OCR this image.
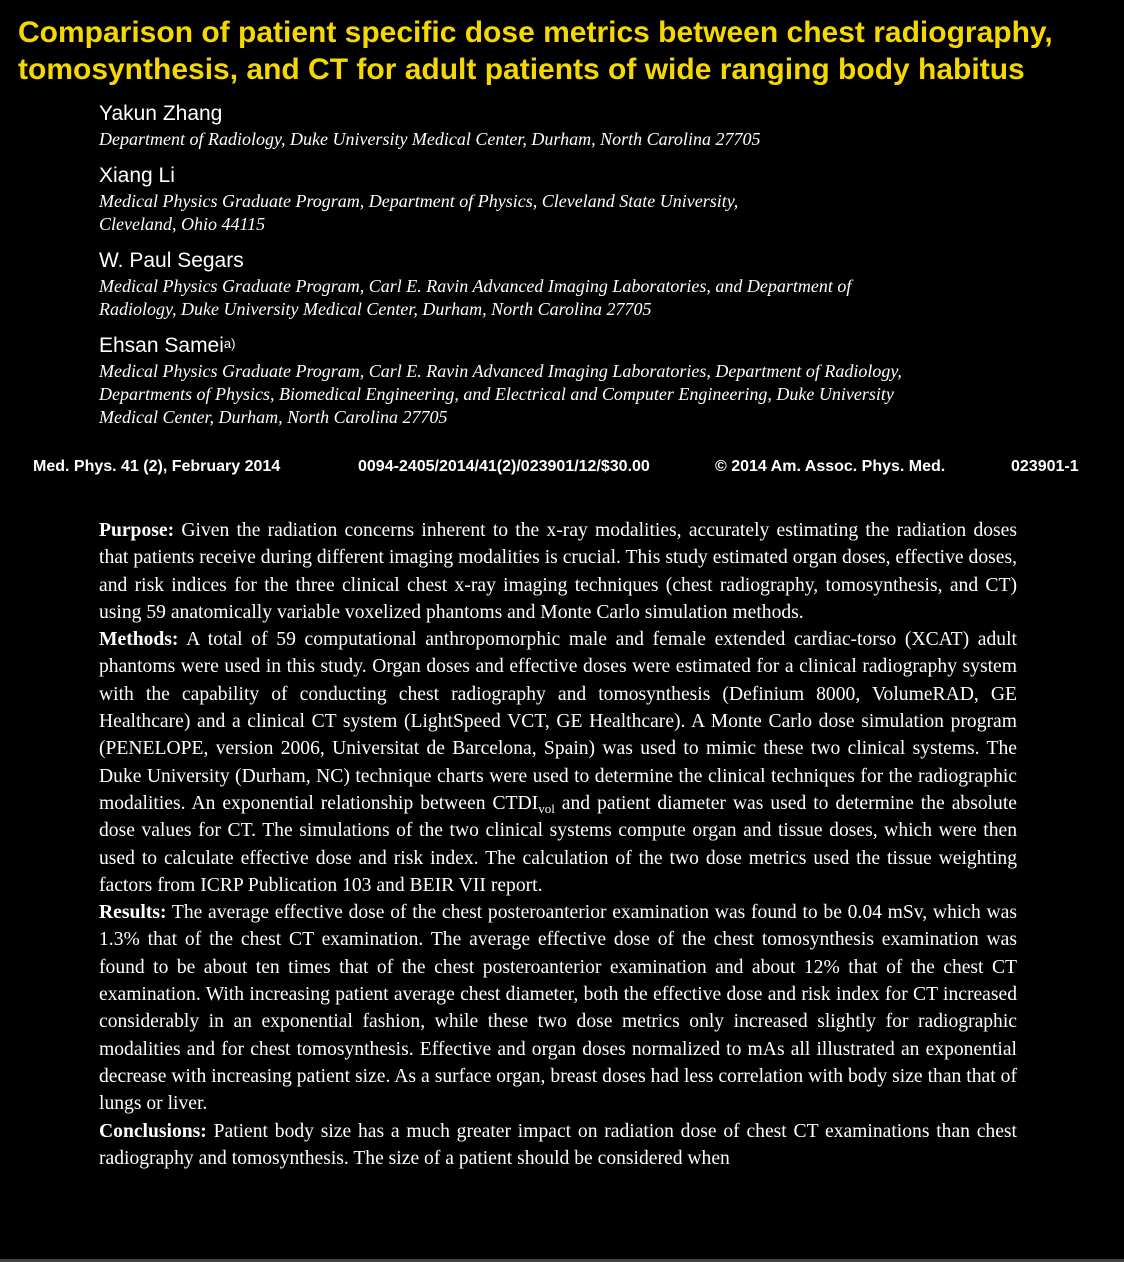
Comparison of patient specific dose metrics between chest radiography, tomosynthesis, and CT for adult patients of wide ranging body habitus
Yakun Zhang
Department of Radiology, Duke University Medical Center, Durham, North Carolina 27705
Xiang Li
Medical Physics Graduate Program, Department of Physics, Cleveland State University,
Cleveland, Ohio 44115
W. Paul Segars
Medical Physics Graduate Program, Carl E. Ravin Advanced Imaging Laboratories, and Department of
Radiology, Duke University Medical Center, Durham, North Carolina 27705
Ehsan Samei$^{a)}$
Medical Physics Graduate Program, Carl E. Ravin Advanced Imaging Laboratories, Department of Radiology,
Departments of Physics, Biomedical Engineering, and Electrical and Computer Engineering, Duke University
Medical Center, Durham, North Carolina 27705
Med. Phys. 41 (2), February 2014	0094-2405/2014/41(2)/023901/12/$30.00	© 2014 Am. Assoc. Phys. Med.	023901-1

Purpose: Given the radiation concerns inherent to the x-ray modalities, accurately estimating the radiation doses that patients receive during different imaging modalities is crucial. This study estimated organ doses, effective doses, and risk indices for the three clinical chest x-ray imaging techniques (chest radiography, tomosynthesis, and CT) using 59 anatomically variable voxelized phantoms and Monte Carlo simulation methods.

Methods: A total of 59 computational anthropomorphic male and female extended cardiac-torso (XCAT) adult phantoms were used in this study. Organ doses and effective doses were estimated for a clinical radiography system with the capability of conducting chest radiography and tomosynthesis (Definium 8000, VolumeRAD, GE Healthcare) and a clinical CT system (LightSpeed VCT, GE Healthcare). A Monte Carlo dose simulation program (PENELOPE, version 2006, Universitat de Barcelona, Spain) was used to mimic these two clinical systems. The Duke University (Durham, NC) technique charts were used to determine the clinical techniques for the radiographic modalities. An exponential relationship between $CTDI_{vol}$ and patient diameter was used to determine the absolute dose values for CT. The simulations of the two clinical systems compute organ and tissue doses, which were then used to calculate effective dose and risk index. The calculation of the two dose metrics used the tissue weighting factors from ICRP Publication 103 and BEIR VII report.

Results: The average effective dose of the chest posteroanterior examination was found to be 0.04 mSv, which was 1.3% that of the chest CT examination. The average effective dose of the chest tomosynthesis examination was found to be about ten times that of the chest posteroanterior examination and about 12% that of the chest CT examination. With increasing patient average chest diameter, both the effective dose and risk index for CT increased considerably in an exponential fashion, while these two dose metrics only increased slightly for radiographic modalities and for chest tomosynthesis. Effective and organ doses normalized to mAs all illustrated an exponential decrease with increasing patient size. As a surface organ, breast doses had less correlation with body size than that of lungs or liver.

Conclusions: Patient body size has a much greater impact on radiation dose of chest CT examinations than chest radiography and tomosynthesis. The size of a patient should be considered when
